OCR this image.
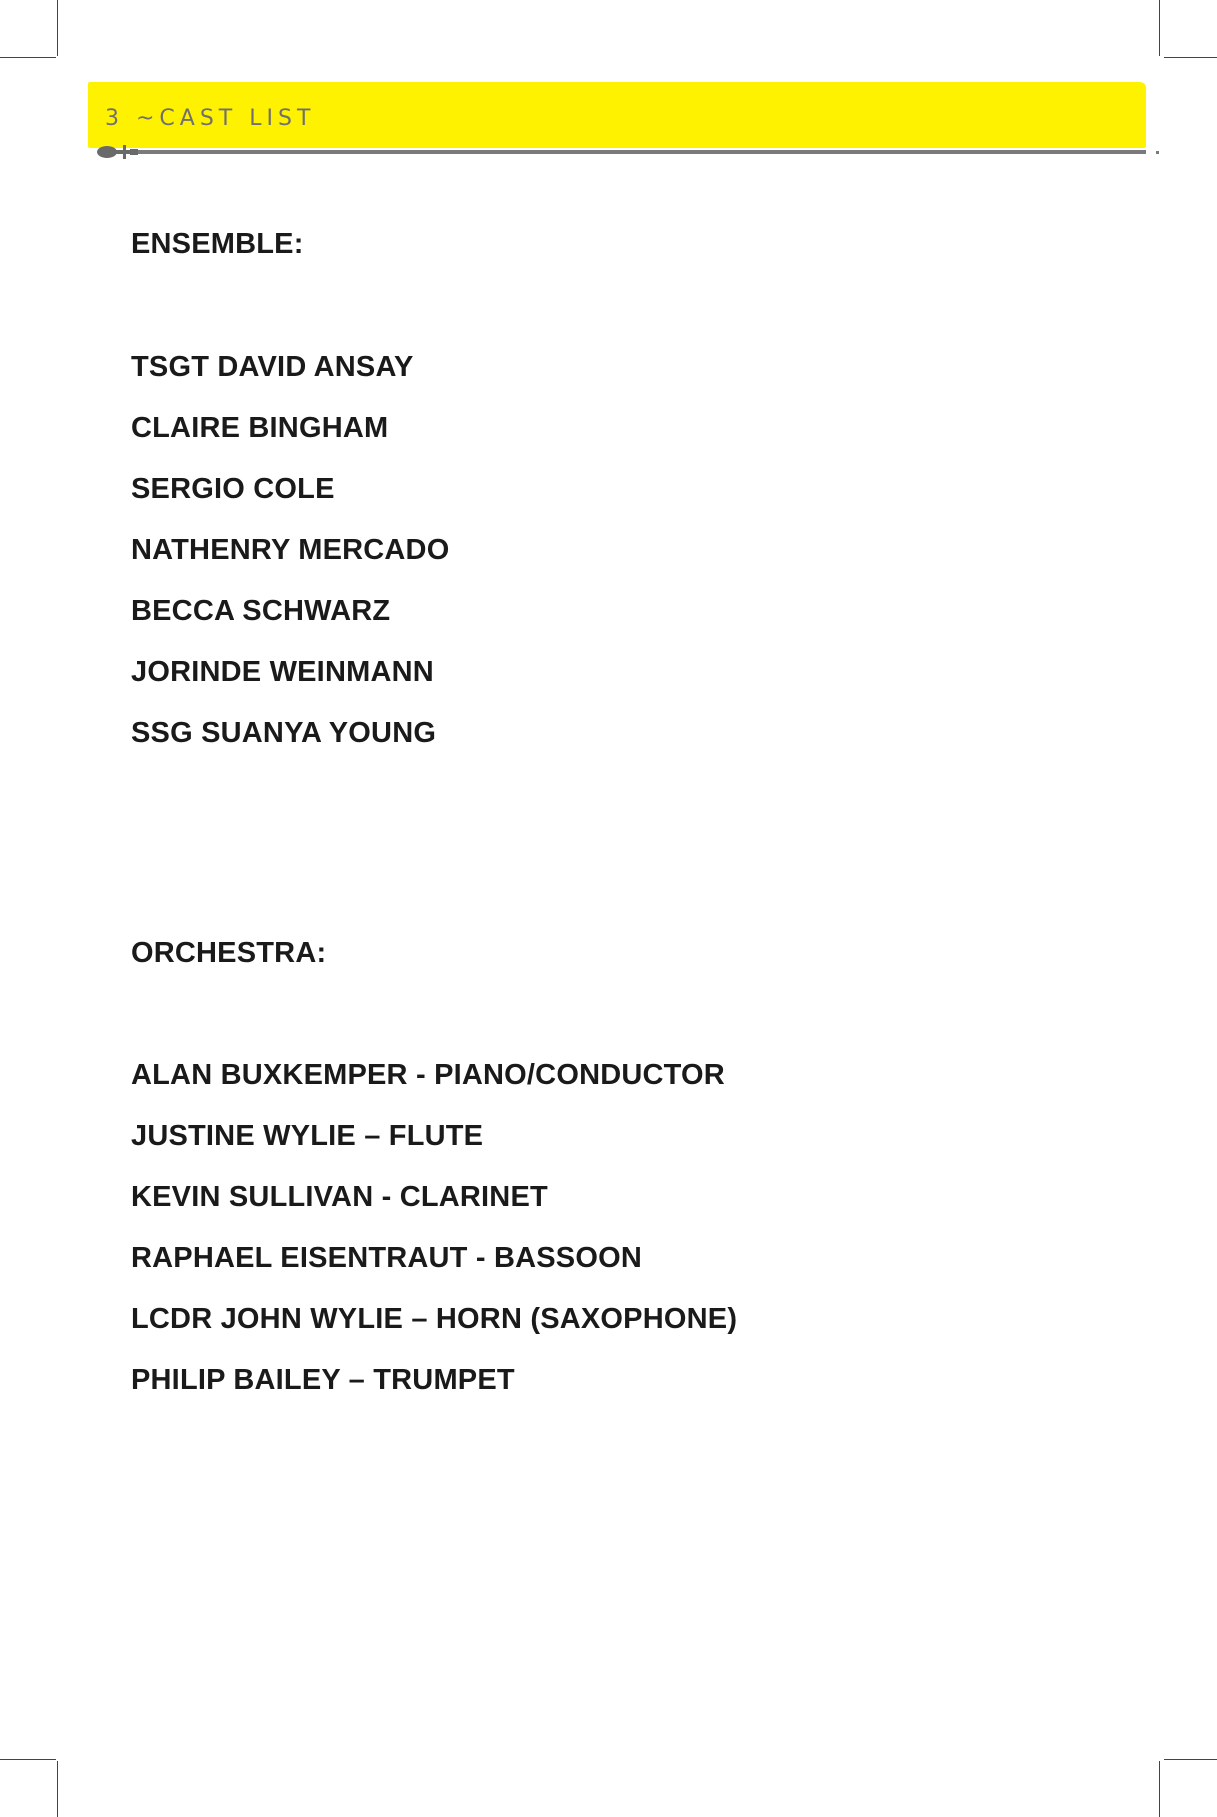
3 ~CAST LIST
ENSEMBLE:
TSGT DAVID ANSAY
CLAIRE BINGHAM
SERGIO COLE
NATHENRY MERCADO
BECCA SCHWARZ
JORINDE WEINMANN
SSG SUANYA YOUNG
ORCHESTRA:
ALAN BUXKEMPER - PIANO/CONDUCTOR
JUSTINE WYLIE – FLUTE
KEVIN SULLIVAN - CLARINET
RAPHAEL EISENTRAUT - BASSOON
LCDR JOHN WYLIE – HORN (SAXOPHONE)
PHILIP BAILEY – TRUMPET
